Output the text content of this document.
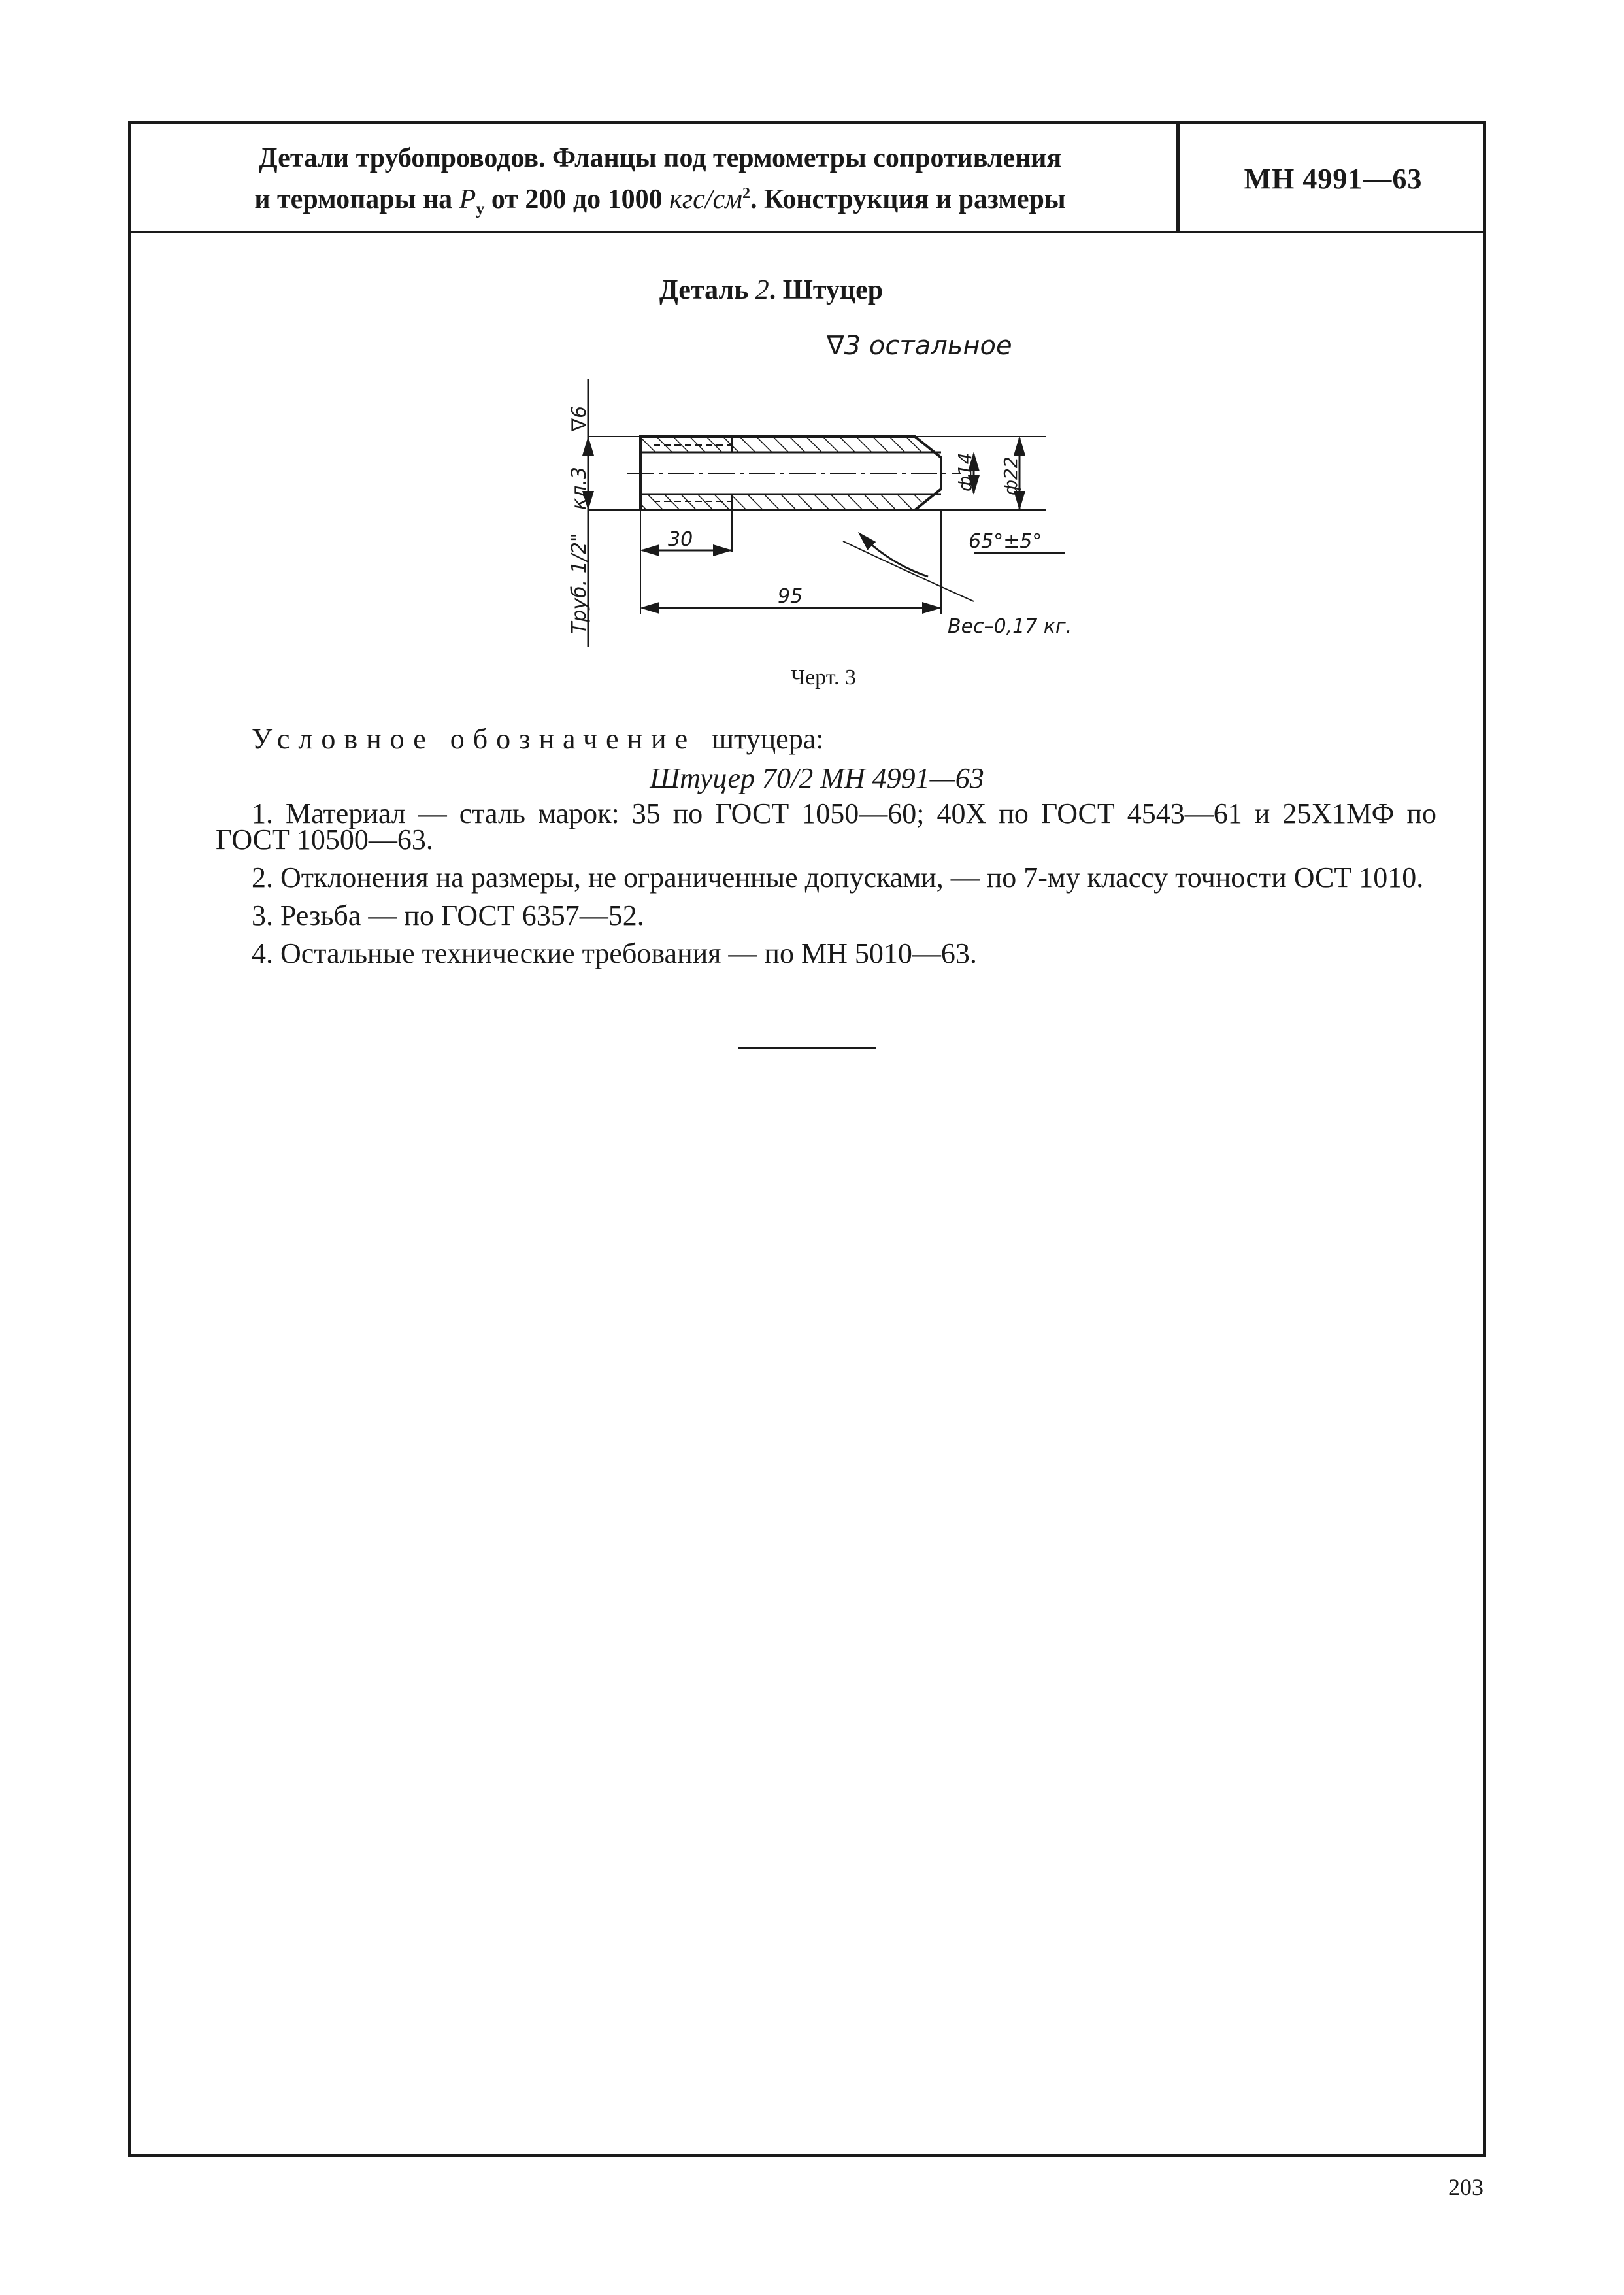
Детали трубопроводов. Фланцы под термометры сопротивления
и термопары на $P_у$ от 200 до 1000 кгс/$см^2$. Конструкция и размеры
МН 4991—63
Деталь 2. Штуцер
∇3 остальное
∇6
кл.3
Труб. 1/2"
ф14 ф22
30
95
65°±5°
Вес–0,17 кг.
Черт. 3
Условное обозначение штуцера:
Штуцер 70/2 МН 4991—63

1. Материал — сталь марок: 35 по ГОСТ 1050—60; 40Х по ГОСТ 4543—61 и 25Х1МФ по ГОСТ 10500—63.

2. Отклонения на размеры, не ограниченные допусками, — по 7-му классу точности ОСТ 1010.

3. Резьба — по ГОСТ 6357—52.

4. Остальные технические требования — по МН 5010—63.

203
